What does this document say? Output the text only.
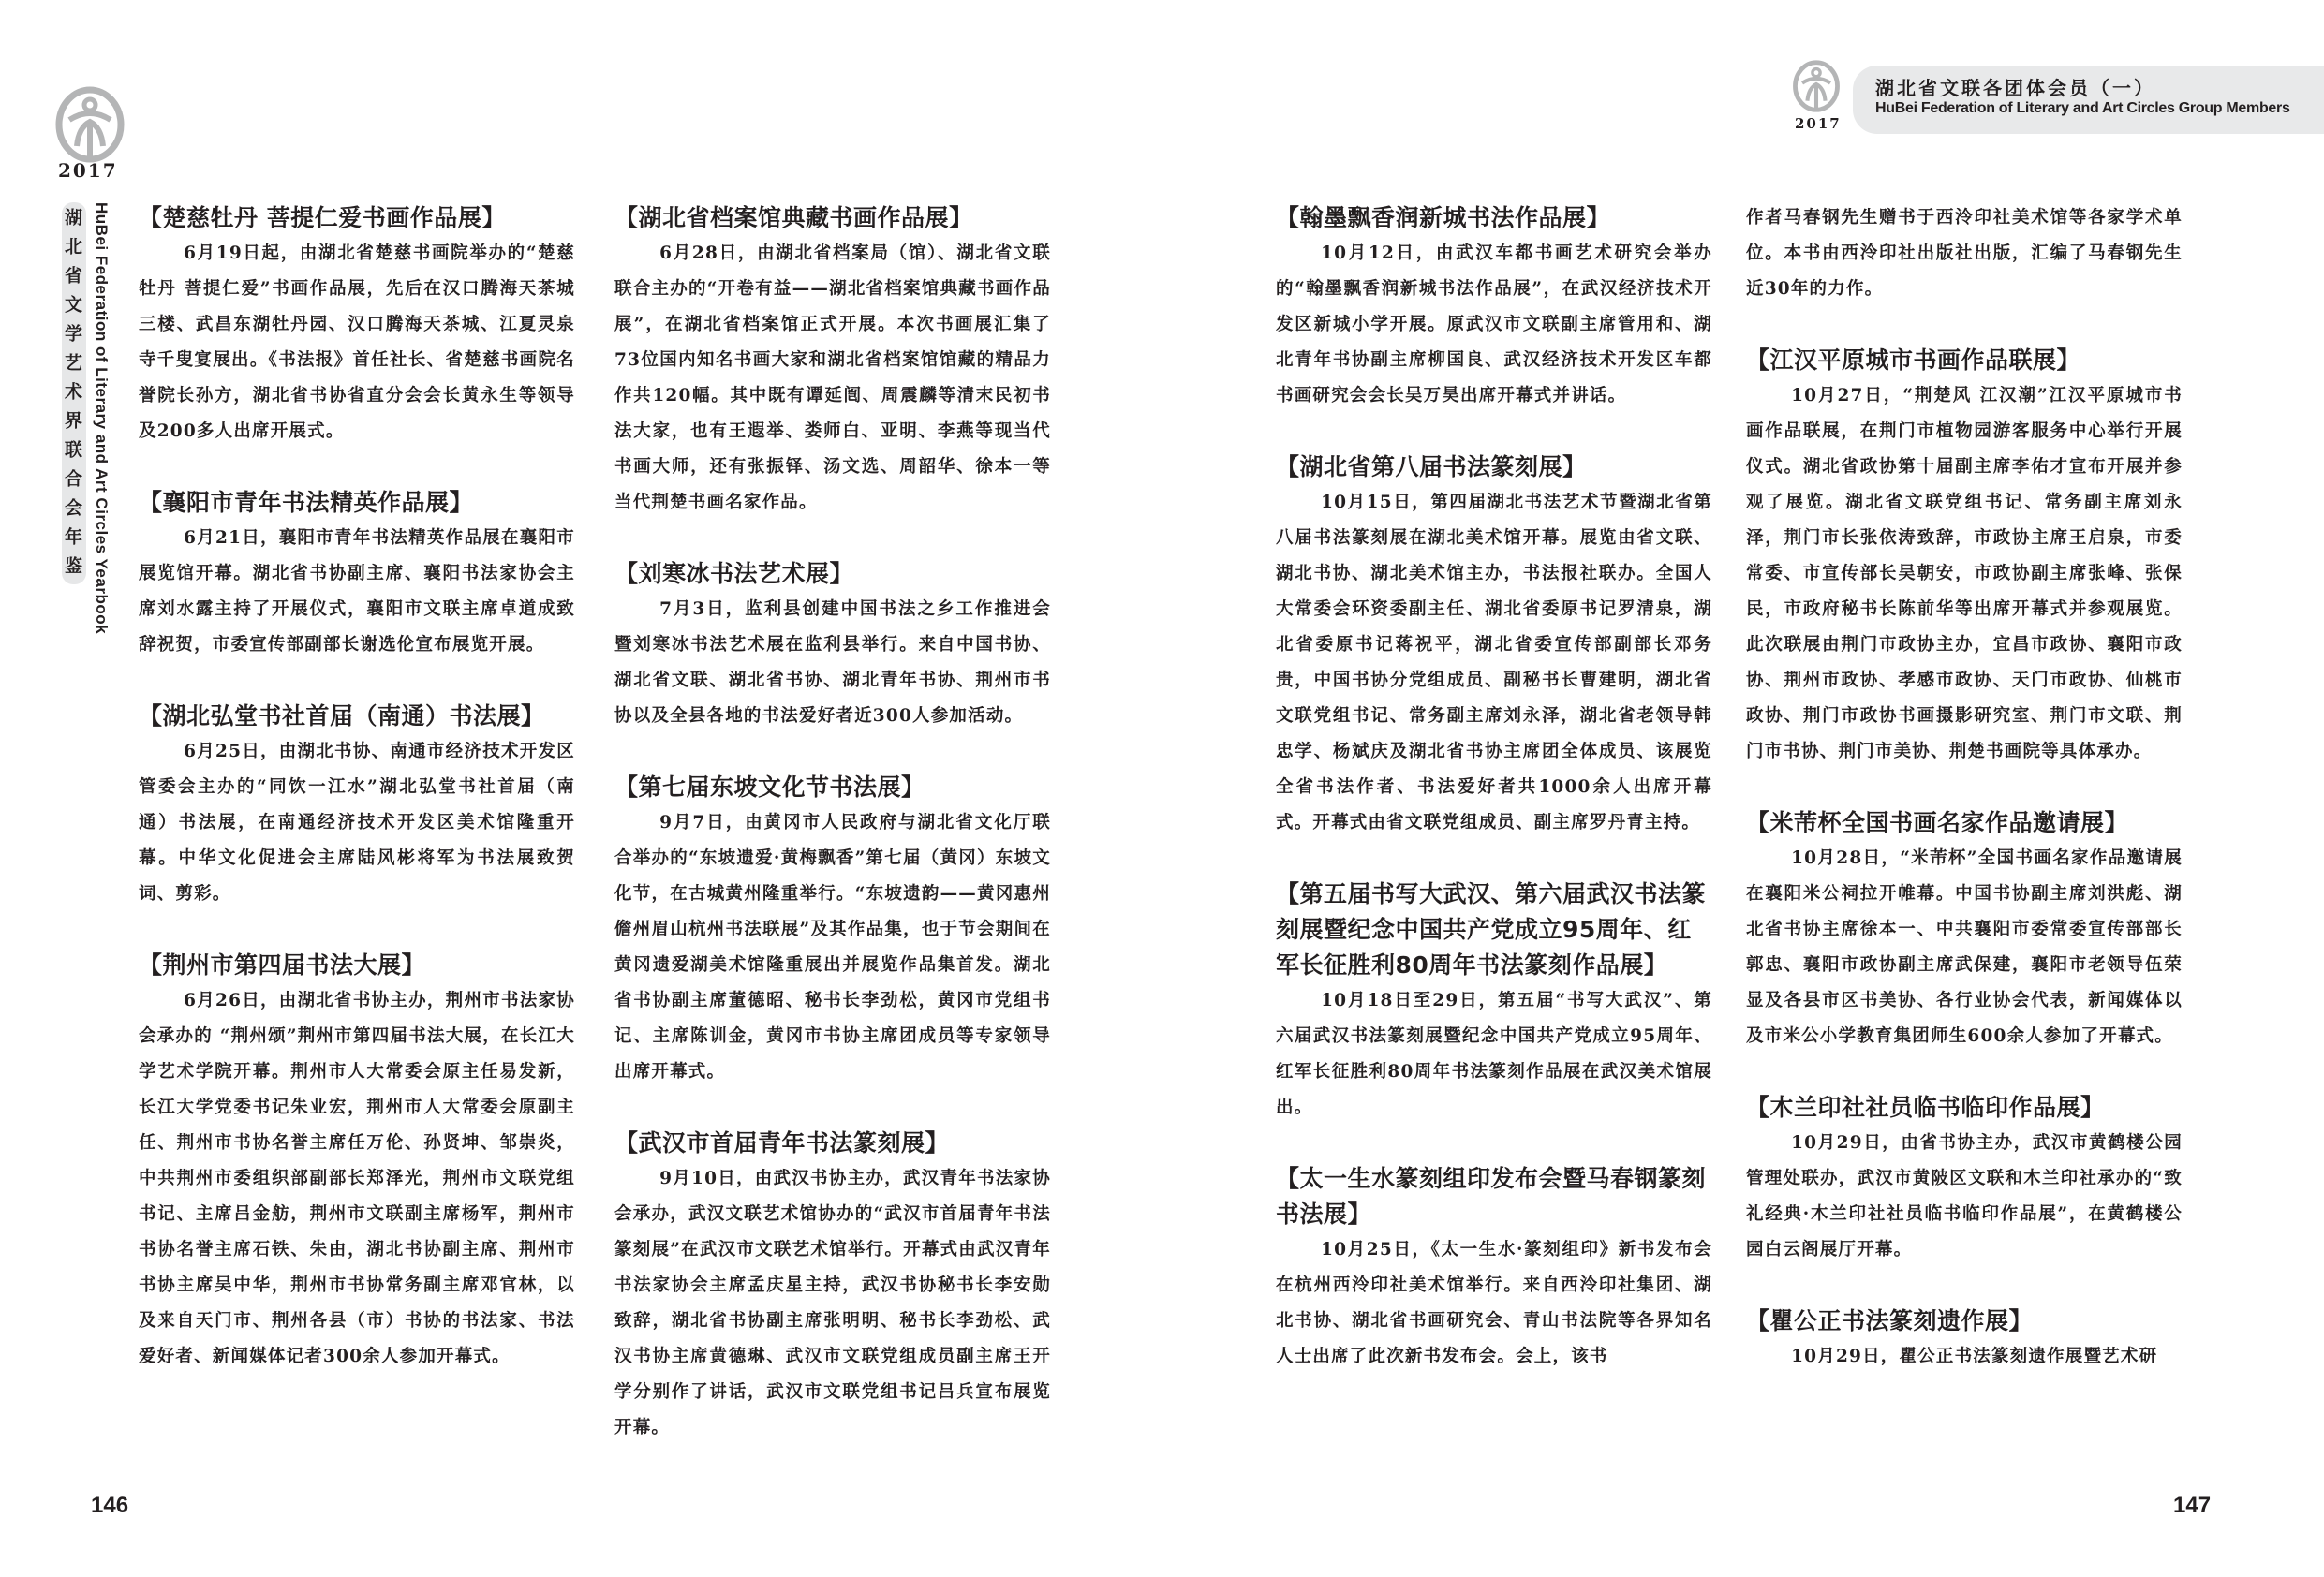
2017
湖北省文学艺术界联合会年鉴 HuBei Federation of Literary and Art Circles Yearbook 【楚慈牡丹 菩提仁爱书画作品展】

6月19日起，由湖北省楚慈书画院举办的“楚慈牡丹 菩提仁爱”书画作品展，先后在汉口腾海天茶城三楼、武昌东湖牡丹园、汉口腾海天茶城、江夏灵泉寺千叟宴展出。《书法报》首任社长、省楚慈书画院名誉院长孙方，湖北省书协省直分会会长黄永生等领导及200多人出席开展式。

【襄阳市青年书法精英作品展】

6月21日，襄阳市青年书法精英作品展在襄阳市展览馆开幕。湖北省书协副主席、襄阳书法家协会主席刘水露主持了开展仪式，襄阳市文联主席卓道成致辞祝贺，市委宣传部副部长谢选伦宣布展览开展。

【湖北弘堂书社首届（南通）书法展】

6月25日，由湖北书协、南通市经济技术开发区管委会主办的“同饮一江水”湖北弘堂书社首届（南通）书法展，在南通经济技术开发区美术馆隆重开幕。中华文化促进会主席陆风彬将军为书法展致贺词、剪彩。

【荆州市第四届书法大展】

6月26日，由湖北省书协主办，荆州市书法家协会承办的 “荆州颂”荆州市第四届书法大展，在长江大学艺术学院开幕。荆州市人大常委会原主任易发新，长江大学党委书记朱业宏，荆州市人大常委会原副主任、荆州市书协名誉主席任万伦、孙贤坤、邹崇炎，中共荆州市委组织部副部长郑泽光，荆州市文联党组书记、主席吕金舫，荆州市文联副主席杨军，荆州市书协名誉主席石铁、朱由，湖北书协副主席、荆州市书协主席吴中华，荆州市书协常务副主席邓官林，以及来自天门市、荆州各县（市）书协的书法家、书法爱好者、新闻媒体记者300余人参加开幕式。

【湖北省档案馆典藏书画作品展】

6月28日，由湖北省档案局（馆）、湖北省文联联合主办的“开卷有益——湖北省档案馆典藏书画作品展”，在湖北省档案馆正式开展。本次书画展汇集了73位国内知名书画大家和湖北省档案馆馆藏的精品力作共120幅。其中既有谭延闿、周震麟等清末民初书法大家，也有王遐举、娄师白、亚明、李燕等现当代书画大师，还有张振铎、汤文选、周韶华、徐本一等当代荆楚书画名家作品。

【刘寒冰书法艺术展】

7月3日，监利县创建中国书法之乡工作推进会暨刘寒冰书法艺术展在监利县举行。来自中国书协、湖北省文联、湖北省书协、湖北青年书协、荆州市书协以及全县各地的书法爱好者近300人参加活动。

【第七届东坡文化节书法展】

9月7日，由黄冈市人民政府与湖北省文化厅联合举办的“东坡遗爱·黄梅飘香”第七届（黄冈）东坡文化节，在古城黄州隆重举行。“东坡遗韵——黄冈惠州儋州眉山杭州书法联展”及其作品集，也于节会期间在黄冈遗爱湖美术馆隆重展出并展览作品集首发。湖北省书协副主席董德昭、秘书长李劲松，黄冈市党组书记、主席陈训金，黄冈市书协主席团成员等专家领导出席开幕式。

【武汉市首届青年书法篆刻展】

9月10日，由武汉书协主办，武汉青年书法家协会承办，武汉文联艺术馆协办的“武汉市首届青年书法篆刻展”在武汉市文联艺术馆举行。开幕式由武汉青年书法家协会主席孟庆星主持，武汉书协秘书长李安勋致辞，湖北省书协副主席张明明、秘书长李劲松、武汉书协主席黄德琳、武汉市文联党组成员副主席王开学分别作了讲话，武汉市文联党组书记吕兵宣布展览开幕。

146
2017
湖北省文联各团体会员（一）
HuBei Federation of Literary and Art Circles Group Members
【翰墨飘香润新城书法作品展】

10月12日，由武汉车都书画艺术研究会举办的“翰墨飘香润新城书法作品展”，在武汉经济技术开发区新城小学开展。原武汉市文联副主席管用和、湖北青年书协副主席柳国良、武汉经济技术开发区车都书画研究会会长吴万昊出席开幕式并讲话。

【湖北省第八届书法篆刻展】

10月15日，第四届湖北书法艺术节暨湖北省第八届书法篆刻展在湖北美术馆开幕。展览由省文联、湖北书协、湖北美术馆主办，书法报社联办。全国人大常委会环资委副主任、湖北省委原书记罗清泉，湖北省委原书记蒋祝平，湖北省委宣传部副部长邓务贵，中国书协分党组成员、副秘书长曹建明，湖北省文联党组书记、常务副主席刘永泽，湖北省老领导韩忠学、杨斌庆及湖北省书协主席团全体成员、该展览全省书法作者、书法爱好者共1000余人出席开幕式。开幕式由省文联党组成员、副主席罗丹青主持。

【第五届书写大武汉、第六届武汉书法篆刻展暨纪念中国共产党成立95周年、红军长征胜利80周年书法篆刻作品展】

10月18日至29日，第五届“书写大武汉”、第六届武汉书法篆刻展暨纪念中国共产党成立95周年、红军长征胜利80周年书法篆刻作品展在武汉美术馆展出。

【太一生水篆刻组印发布会暨马春钢篆刻书法展】

10月25日，《太一生水·篆刻组印》新书发布会在杭州西泠印社美术馆举行。来自西泠印社集团、湖北书协、湖北省书画研究会、青山书法院等各界知名人士出席了此次新书发布会。会上，该书

作者马春钢先生赠书于西泠印社美术馆等各家学术单位。本书由西泠印社出版社出版，汇编了马春钢先生近30年的力作。

【江汉平原城市书画作品联展】

10月27日，“荆楚风 江汉潮”江汉平原城市书画作品联展，在荆门市植物园游客服务中心举行开展仪式。湖北省政协第十届副主席李佑才宣布开展并参观了展览。湖北省文联党组书记、常务副主席刘永泽，荆门市长张依涛致辞，市政协主席王启泉，市委常委、市宣传部长吴朝安，市政协副主席张峰、张保民，市政府秘书长陈前华等出席开幕式并参观展览。此次联展由荆门市政协主办，宜昌市政协、襄阳市政协、荆州市政协、孝感市政协、天门市政协、仙桃市政协、荆门市政协书画摄影研究室、荆门市文联、荆门市书协、荆门市美协、荆楚书画院等具体承办。

【米芾杯全国书画名家作品邀请展】

10月28日，“米芾杯”全国书画名家作品邀请展在襄阳米公祠拉开帷幕。中国书协副主席刘洪彪、湖北省书协主席徐本一、中共襄阳市委常委宣传部部长郭忠、襄阳市政协副主席武保建，襄阳市老领导伍荣显及各县市区书美协、各行业协会代表，新闻媒体以及市米公小学教育集团师生600余人参加了开幕式。

【木兰印社社员临书临印作品展】

10月29日，由省书协主办，武汉市黄鹤楼公园管理处联办，武汉市黄陂区文联和木兰印社承办的“致礼经典·木兰印社社员临书临印作品展”，在黄鹤楼公园白云阁展厅开幕。

【瞿公正书法篆刻遗作展】

10月29日，瞿公正书法篆刻遗作展暨艺术研

147
